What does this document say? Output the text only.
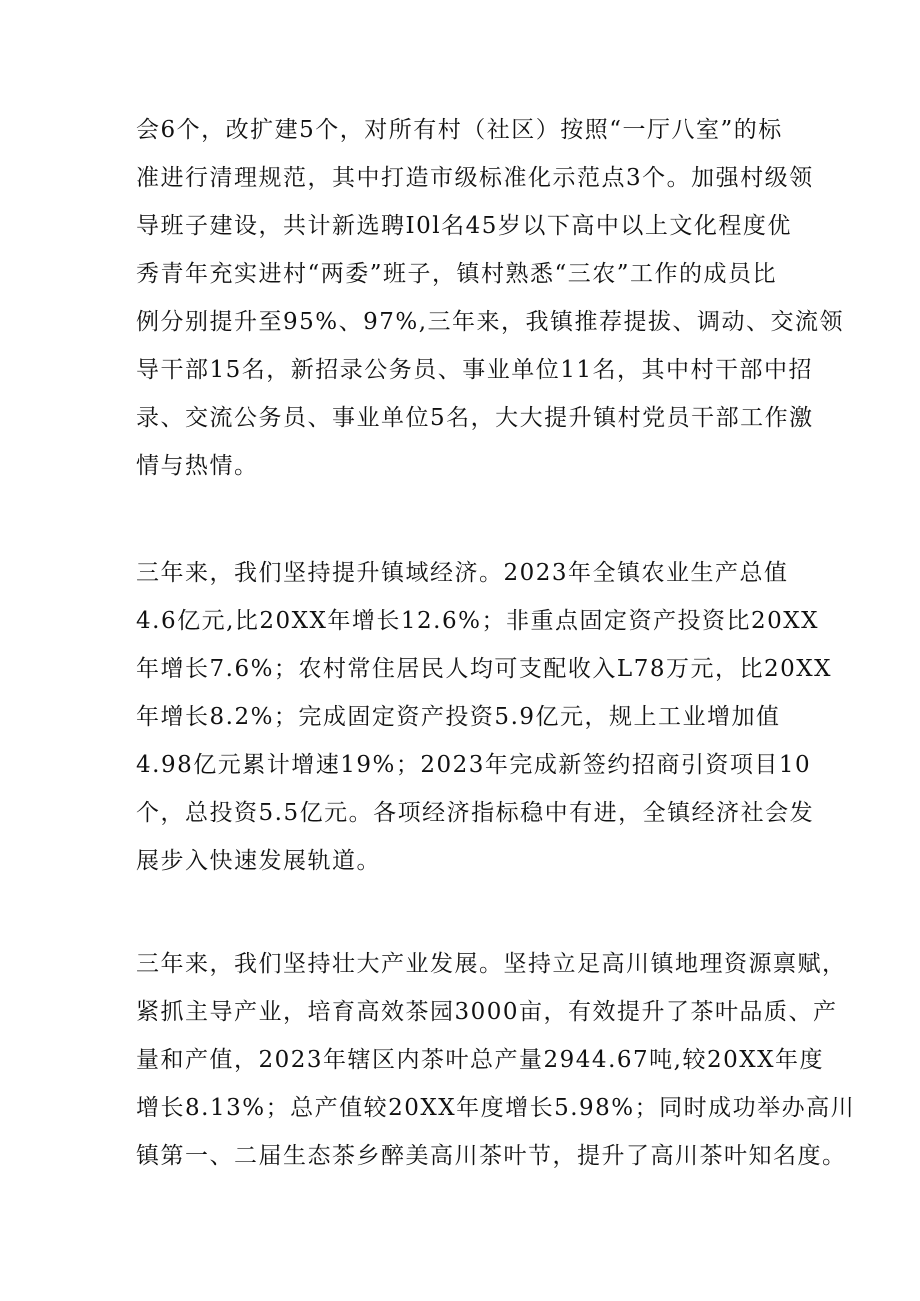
会6个，改扩建5个，对所有村（社区）按照“一厅八室”的标
准进行清理规范，其中打造市级标准化示范点3个。加强村级领
导班子建设，共计新选聘I0l名45岁以下高中以上文化程度优
秀青年充实进村“两委”班子，镇村熟悉“三农”工作的成员比
例分别提升至95%、97%,三年来，我镇推荐提拔、调动、交流领
导干部15名，新招录公务员、事业单位11名，其中村干部中招
录、交流公务员、事业单位5名，大大提升镇村党员干部工作激
情与热情。
三年来，我们坚持提升镇域经济。2023年全镇农业生产总值
4.6亿元,比20XX年增长12.6%；非重点固定资产投资比20XX
年增长7.6%；农村常住居民人均可支配收入L78万元，比20XX
年增长8.2%；完成固定资产投资5.9亿元，规上工业增加值
4.98亿元累计增速19%；2023年完成新签约招商引资项目10
个，总投资5.5亿元。各项经济指标稳中有进，全镇经济社会发
展步入快速发展轨道。
三年来，我们坚持壮大产业发展。坚持立足高川镇地理资源禀赋，
紧抓主导产业，培育高效茶园3000亩，有效提升了茶叶品质、产
量和产值，2023年辖区内茶叶总产量2944.67吨,较20XX年度
增长8.13%；总产值较20XX年度增长5.98%；同时成功举办高川
镇第一、二届生态茶乡醉美高川茶叶节，提升了高川茶叶知名度。
